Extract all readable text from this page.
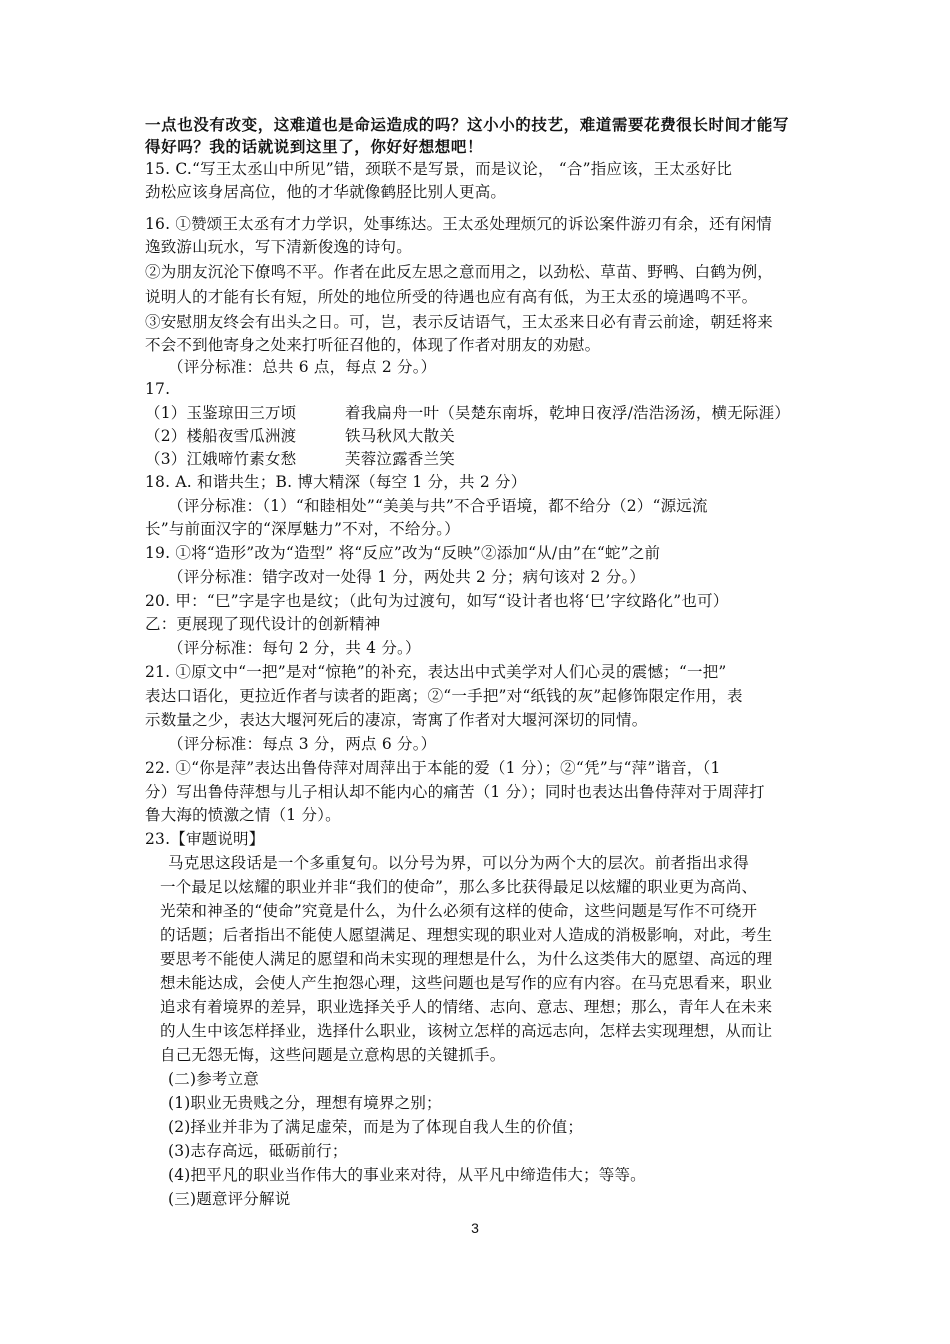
一点也没有改变，这难道也是命运造成的吗？这小小的技艺，难道需要花费很长时间才能写
得好吗？我的话就说到这里了，你好好想想吧！
15. C.“写王太丞山中所见”错，颈联不是写景，而是议论， “合”指应该，王太丞好比
劲松应该身居高位，他的才华就像鹤胫比别人更高。
16. ①赞颂王太丞有才力学识，处事练达。王太丞处理烦冗的诉讼案件游刃有余，还有闲情
逸致游山玩水，写下清新俊逸的诗句。
②为朋友沉沦下僚鸣不平。作者在此反左思之意而用之，以劲松、草苗、野鸭、白鹤为例，
说明人的才能有长有短，所处的地位所受的待遇也应有高有低，为王太丞的境遇鸣不平。
③安慰朋友终会有出头之日。可，岂，表示反诘语气，王太丞来日必有青云前途，朝廷将来
不会不到他寄身之处来打听征召他的，体现了作者对朋友的劝慰。
（评分标准：总共 6 点，每点 2 分。）
17.
（1）玉鉴琼田三万顷	着我扁舟一叶（吴楚东南坼，乾坤日夜浮/浩浩汤汤，横无际涯）
（2）楼船夜雪瓜洲渡	铁马秋风大散关
（3）江娥啼竹素女愁	芙蓉泣露香兰笑
18. A. 和谐共生；B. 博大精深（每空 1 分，共 2 分）
（评分标准：（1）“和睦相处”“美美与共”不合乎语境，都不给分（2）“源远流
长”与前面汉字的“深厚魅力”不对，不给分。）
19. ①将“造形”改为“造型” 将“反应”改为“反映”②添加“从/由”在“蛇”之前
（评分标准：错字改对一处得 1 分，两处共 2 分；病句该对 2 分。）
20. 甲：“巳”字是字也是纹；（此句为过渡句，如写“设计者也将‘巳’字纹路化”也可）
乙：更展现了现代设计的创新精神
（评分标准：每句 2 分，共 4 分。）
21. ①原文中“一把”是对“惊艳”的补充，表达出中式美学对人们心灵的震憾；“一把”
表达口语化，更拉近作者与读者的距离；②“一手把”对“纸钱的灰”起修饰限定作用，表
示数量之少，表达大堰河死后的凄凉，寄寓了作者对大堰河深切的同情。
（评分标准：每点 3 分，两点 6 分。）
22. ①“你是萍”表达出鲁侍萍对周萍出于本能的爱（1 分）；②“凭”与“萍”谐音，（1
分）写出鲁侍萍想与儿子相认却不能内心的痛苦（1 分）；同时也表达出鲁侍萍对于周萍打
鲁大海的愤激之情（1 分）。
23.【审题说明】
马克思这段话是一个多重复句。以分号为界，可以分为两个大的层次。前者指出求得
一个最足以炫耀的职业并非“我们的使命”，那么多比获得最足以炫耀的职业更为高尚、
光荣和神圣的“使命”究竟是什么，为什么必须有这样的使命，这些问题是写作不可绕开
的话题；后者指出不能使人愿望满足、理想实现的职业对人造成的消极影响，对此，考生
要思考不能使人满足的愿望和尚未实现的理想是什么，为什么这类伟大的愿望、高远的理
想未能达成，会使人产生抱怨心理，这些问题也是写作的应有内容。在马克思看来，职业
追求有着境界的差异，职业选择关乎人的情绪、志向、意志、理想；那么，青年人在未来
的人生中该怎样择业，选择什么职业，该树立怎样的高远志向，怎样去实现理想，从而让
自己无怨无悔，这些问题是立意构思的关键抓手。
(二)参考立意
(1)职业无贵贱之分，理想有境界之别；
(2)择业并非为了满足虚荣，而是为了体现自我人生的价值；
(3)志存高远，砥砺前行；
(4)把平凡的职业当作伟大的事业来对待，从平凡中缔造伟大；等等。
(三)题意评分解说
3
